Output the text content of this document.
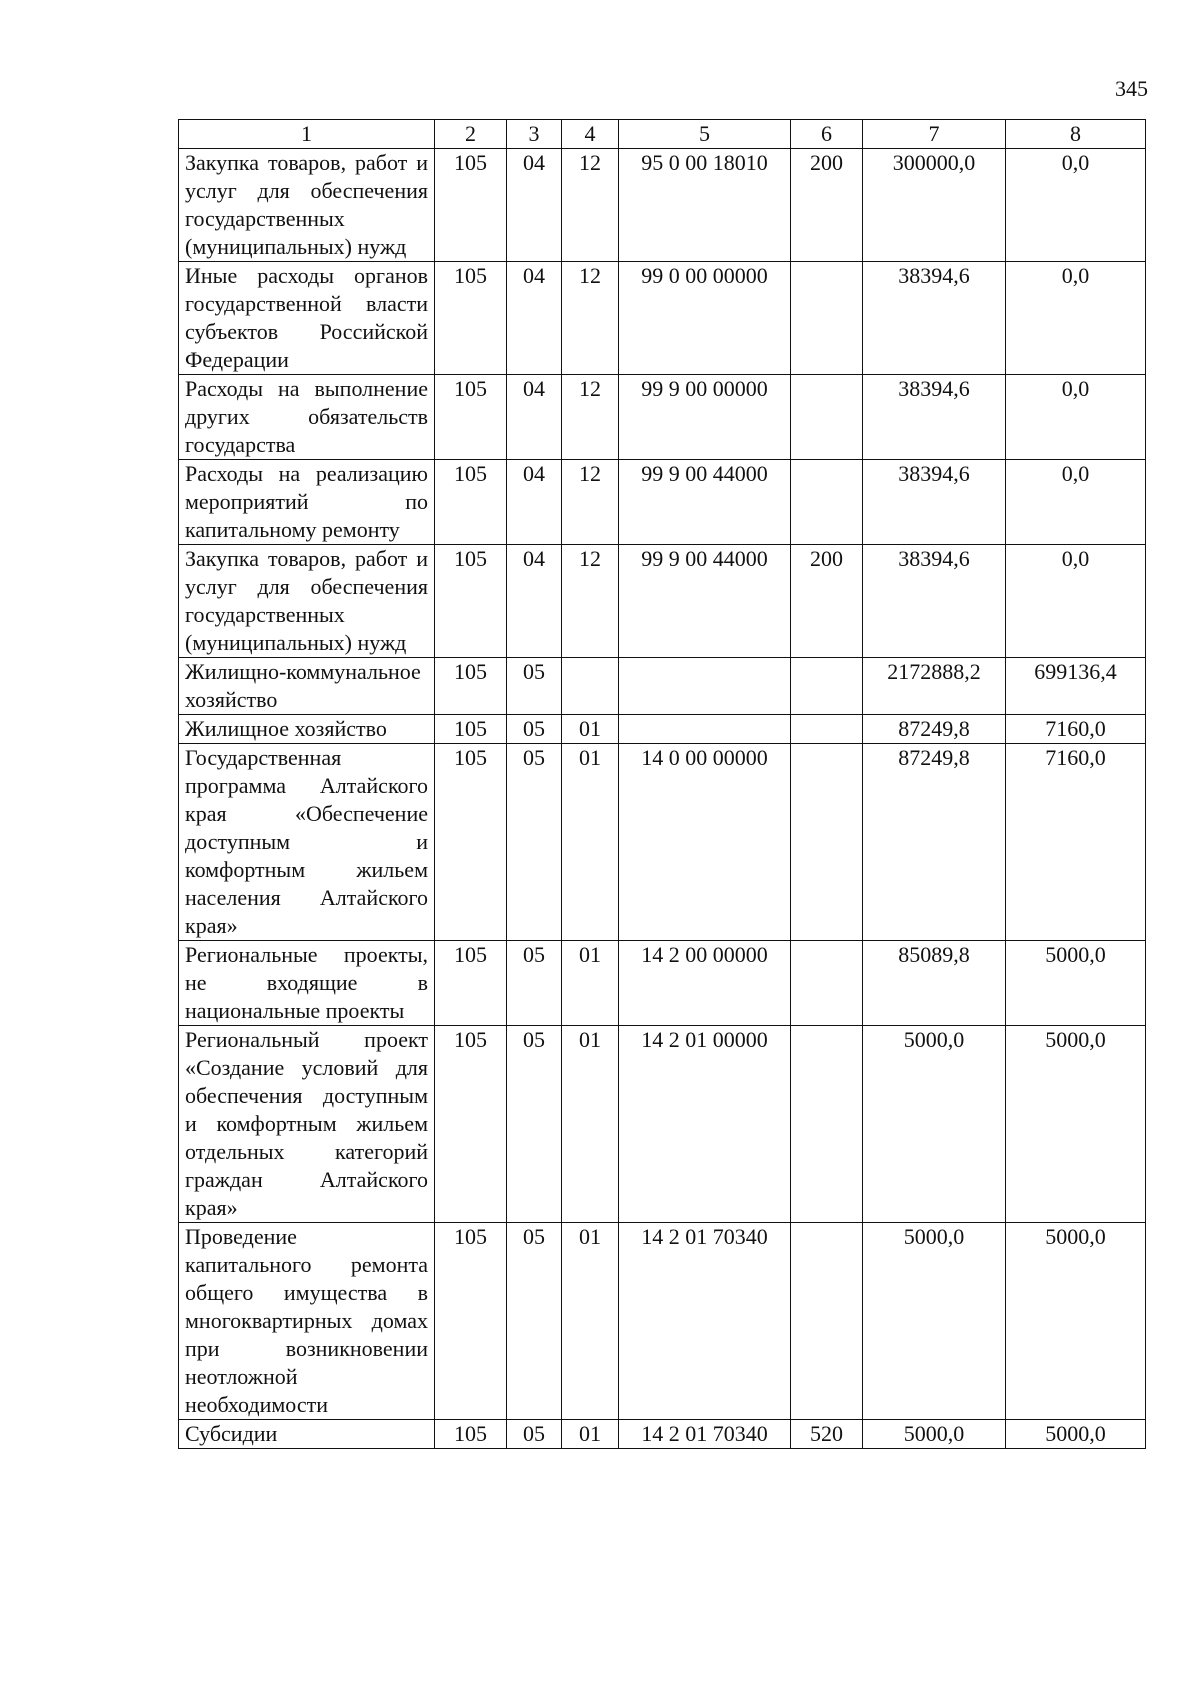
345
1	2	3	4	5	6	7	8
Закупка товаров, работ и услуг для обеспечения государственных (муниципальных) нужд	105	04	12	95 0 00 18010	200	300000,0	0,0
Иные расходы органов государственной власти субъектов Российской Федерации	105	04	12	99 0 00 00000		38394,6	0,0
Расходы на выполнение других обязательств государства	105	04	12	99 9 00 00000		38394,6	0,0
Расходы на реализацию мероприятий по капитальному ремонту	105	04	12	99 9 00 44000		38394,6	0,0
Закупка товаров, работ и услуг для обеспечения государственных (муниципальных) нужд	105	04	12	99 9 00 44000	200	38394,6	0,0
Жилищно-коммунальное хозяйство	105	05				2172888,2	699136,4
Жилищное хозяйство	105	05	01			87249,8	7160,0
Государственная программа Алтайского края «Обеспечение доступным и комфортным жильем населения Алтайского края»	105	05	01	14 0 00 00000		87249,8	7160,0
Региональные проекты, не входящие в национальные проекты	105	05	01	14 2 00 00000		85089,8	5000,0
Региональный проект «Создание условий для обеспечения доступным и комфортным жильем отдельных категорий граждан Алтайского края»	105	05	01	14 2 01 00000		5000,0	5000,0
Проведение капитального ремонта общего имущества в многоквартирных домах при возникновении неотложной необходимости	105	05	01	14 2 01 70340		5000,0	5000,0
Субсидии	105	05	01	14 2 01 70340	520	5000,0	5000,0
